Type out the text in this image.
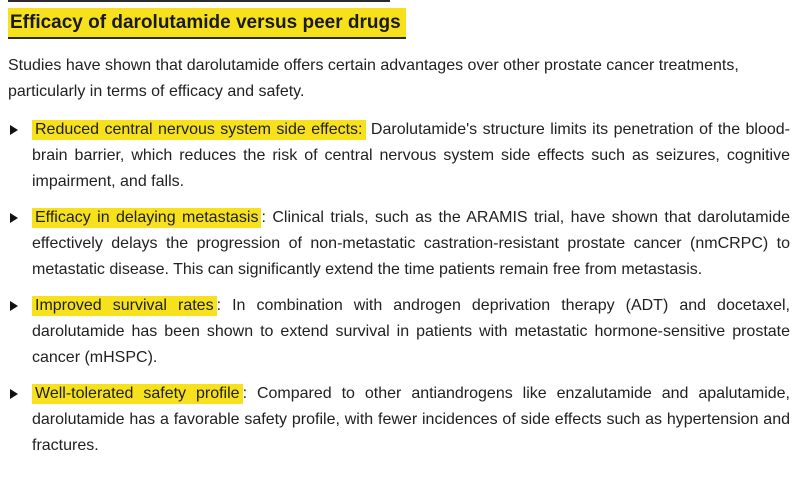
Efficacy of darolutamide versus peer drugs

Studies have shown that darolutamide offers certain advantages over other prostate cancer treatments, particularly in terms of efficacy and safety.

Reduced central nervous system side effects: Darolutamide's structure limits its penetration of the blood-brain barrier, which reduces the risk of central nervous system side effects such as seizures, cognitive impairment, and falls.

Efficacy in delaying metastasis : Clinical trials, such as the ARAMIS trial, have shown that darolutamide effectively delays the progression of non-metastatic castration-resistant prostate cancer (nmCRPC) to metastatic disease. This can significantly extend the time patients remain free from metastasis.

Improved survival rates : In combination with androgen deprivation therapy (ADT) and docetaxel, darolutamide has been shown to extend survival in patients with metastatic hormone-sensitive prostate cancer (mHSPC).

Well-tolerated safety profile : Compared to other antiandrogens like enzalutamide and apalutamide, darolutamide has a favorable safety profile, with fewer incidences of side effects such as hypertension and fractures.
